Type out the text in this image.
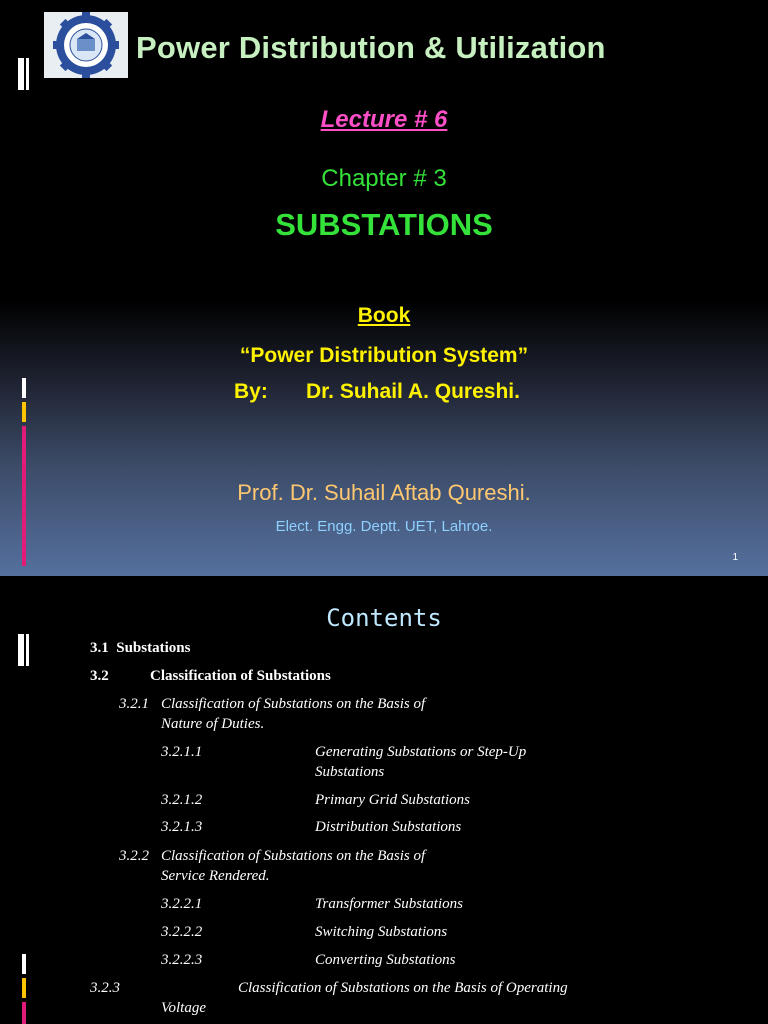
Power Distribution & Utilization
Lecture # 6
Chapter # 3
SUBSTATIONS
Book
“Power Distribution System”
By: Dr. Suhail A. Qureshi.
Prof. Dr. Suhail Aftab Qureshi.
Elect. Engg. Deptt. UET, Lahroe.
1
Contents
3.1 Substations
3.2	Classification of Substations
3.2.1 Classification of Substations on the Basis of
Nature of Duties.
3.2.1.1	Generating Substations or Step-Up
Substations
3.2.1.2	Primary Grid Substations
3.2.1.3	Distribution Substations
3.2.2 Classification of Substations on the Basis of
Service Rendered.
3.2.2.1	Transformer Substations
3.2.2.2	Switching Substations
3.2.2.3	Converting Substations
3.2.3	Classification of Substations on the Basis of Operating
Voltage
